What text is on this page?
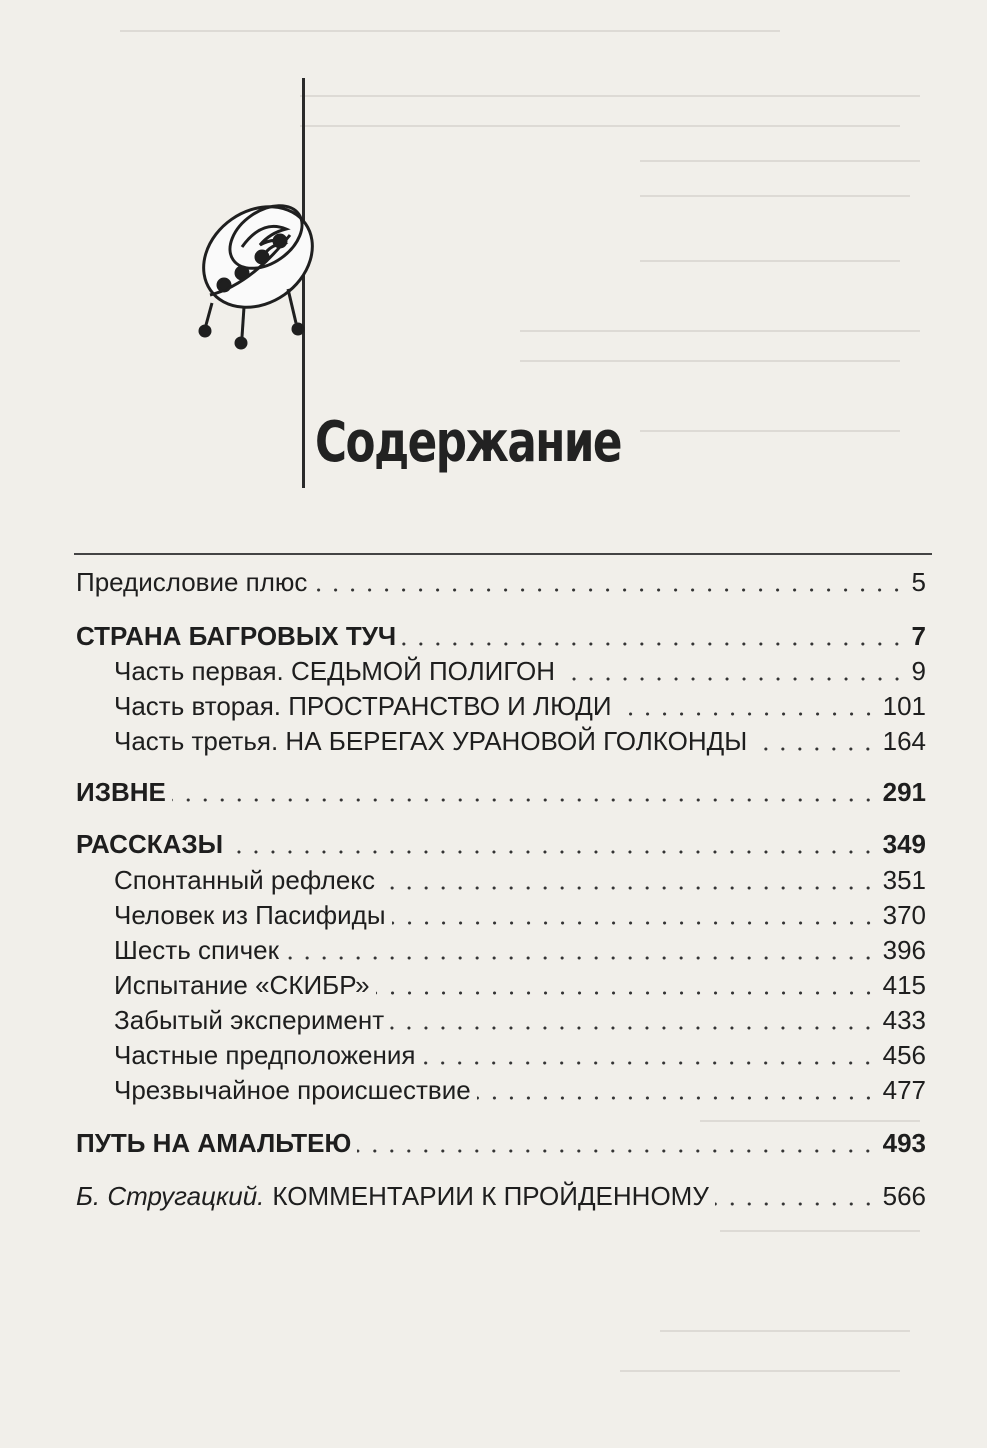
Содержание
Предисловие плюс	5
СТРАНА БАГРОВЫХ ТУЧ	7
Часть первая. СЕДЬМОЙ ПОЛИГОН	9
Часть вторая. ПРОСТРАНСТВО И ЛЮДИ	101
Часть третья. НА БЕРЕГАХ УРАНОВОЙ ГОЛКОНДЫ	164
ИЗВНЕ	291
РАССКАЗЫ	349
Спонтанный рефлекс	351
Человек из Пасифиды	370
Шесть спичек	396
Испытание «СКИБР»	415
Забытый эксперимент	433
Частные предположения	456
Чрезвычайное происшествие	477
ПУТЬ НА АМАЛЬТЕЮ	493
Б. Стругацкий. КОММЕНТАРИИ К ПРОЙДЕННОМУ	566
